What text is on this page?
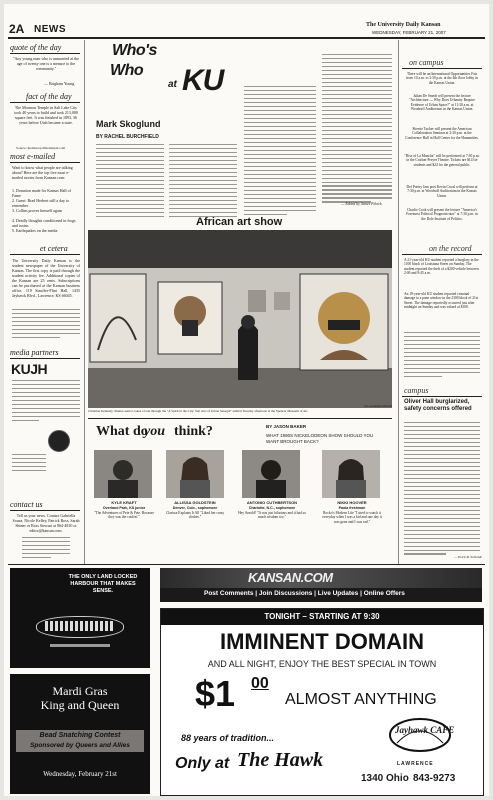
2A NEWS	The University Daily Kansan
WEDNESDAY, FEBRUARY 21, 2007
quote of the day
"Any young man who is unmarried at the age of twenty one is a menace to the community."
— Brigham Young
fact of the day
The Mormon Temple in Salt Lake City took 40 years to build and took 213,000 square feet. It was finished in 1893, 36 years before Utah became a state.
Source: thehistoryofthetemple.com
most e-mailed
Want to know what people are talking about? Here are the top five most e-mailed stories from Kansan.com:
1. Donation made for Kansas Hall of Fame
2. Guest: Brad Herbert still a day to remember
3. Collins proves himself again
4. Deadly thoughts conditioned in frogs and toxins
5. Earthquakes on the media
et cetera
The University Daily Kansan is the student newspaper of the University of Kansas. The first copy is paid through the student activity fee. Additional copies of the Kansan are 25 cents. Subscriptions can be purchased at the Kansan business office, 119 Stauffer-Flint Hall, 1435 Jayhawk Blvd., Lawrence, KS 66045.
media partners
KUJH
contact us
Tell us your news. Contact Gabriella Souza, Nicole Kelley, Patrick Ross, Sarah Shiner or Ross Stewart at 864-4810 or editor@kansan.com.
Who's
Who
at KU
Mark Skoglund
BY RACHEL BURCHFIELD
— Edited by James Pilcick
African art show
Christian Kennedy, Shutter-senior, takes a look through the "A Spirit in the City: Salt Arts of Urban Senegal" exhibit Tuesday afternoon at the Spencer Museum of Art.
Joe Goering/KANSAN
on campus
There will be an International Opportunities Fair from 10 a.m. to 3:30 p.m. at the 4th floor lobby in the Kansas Union.
Julian De Smedt will present the lecture "Architecture — Why Does Urbanity Require Evidence of Urban Space?" at 11:30 a.m. at Woodruff Auditorium in the Kansas Union.
Sherrie Tucker will present the American Collaboration Seminar at 3:30 p.m. at the Conference Hall in Hall Center for the Humanities.
"Rise of La Mancha" will be performed at 7:30 p.m. in the Crafton-Preyer Theatre. Tickets are $14 for students and $24 for the general public.
Def Poetry Jam poet Kevin Coval will perform at 7:30 p.m. at Woodruff Auditorium in the Kansas Union.
Charlie Cook will present the lecture "America's Foremost Political Prognosticator" at 7:30 p.m. in the Dole Institute of Politics.
on the record
A 21-year-old KU student reported a burglary in the 1100 block of Louisiana Street on Sunday. The student reported the theft of a $200 vehicle between 2:00 and 9:45 a.m.
An 18-year-old KU student reported criminal damage to a pane window in the 2300 block of 21st Street. The damage reportedly occurred just after midnight on Sunday and was valued at $100.
campus
Oliver Hall burglarized, safety concerns offered
— Erick R. Schmidt
What do
you think?	BY JASON BAKER
WHAT 1990S NICKELODEON SHOW SHOULD YOU WANT BROUGHT BACK?
KYLE KRAFT
Overland Park, KS junior
"The Adventures of Pete & Pete. Because they was the coolest."
ALLISSA GOLDSTEIN
Denver, Colo., sophomore
Clarissa Explains It All "Liked her crazy clothes."
ANTONIO CUTHBERTSON
Charlotte, N.C., sophomore
Hey Arnold! "It was just hilarious and it had so much wisdom too."
NIKKI HOOVER
Paola freshman
Rocko's Modern Life "I used to watch it everyday when I was a kid and one day it was gone and I was sad."
THE ONLY LAND LOCKED HARBOUR THAT MAKES SENSE.
KANSAN.COM
Post Comments | Join Discussions | Live Updates | Online Offers
Mardi Gras
King and Queen
Bead Snatching Contest
Sponsored by Queers and Allies
Wednesday, February 21st
TONIGHT – STARTING AT 9:30
IMMINENT DOMAIN
AND ALL NIGHT, ENJOY THE BEST SPECIAL IN TOWN
$1 00
ALMOST ANYTHING
88 years of tradition...
Only at The Hawk
Jayhawk CAFE
LAWRENCE
1340 Ohio 843-9273
